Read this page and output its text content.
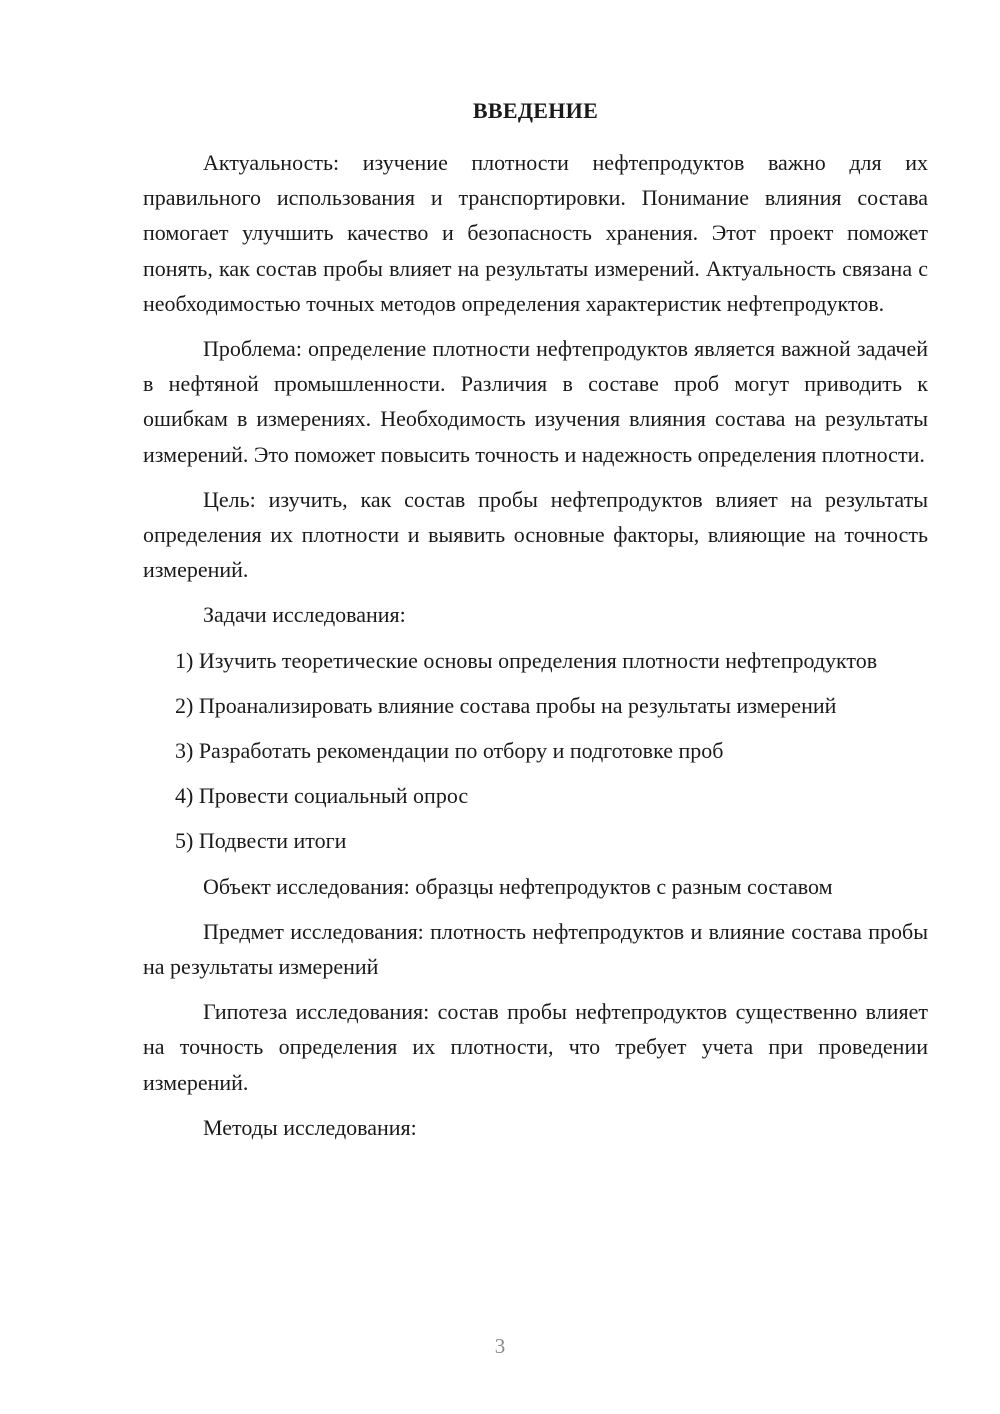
ВВЕДЕНИЕ

Актуальность: изучение плотности нефтепродуктов важно для их правильного использования и транспортировки. Понимание влияния состава помогает улучшить качество и безопасность хранения. Этот проект поможет понять, как состав пробы влияет на результаты измерений. Актуальность связана с необходимостью точных методов определения характеристик нефтепродуктов.

Проблема: определение плотности нефтепродуктов является важной задачей в нефтяной промышленности. Различия в составе проб могут приводить к ошибкам в измерениях. Необходимость изучения влияния состава на результаты измерений. Это поможет повысить точность и надежность определения плотности.

Цель: изучить, как состав пробы нефтепродуктов влияет на результаты определения их плотности и выявить основные факторы, влияющие на точность измерений.

Задачи исследования:

1) Изучить теоретические основы определения плотности нефтепродуктов

2) Проанализировать влияние состава пробы на результаты измерений

3) Разработать рекомендации по отбору и подготовке проб

4) Провести социальный опрос

5) Подвести итоги

Объект исследования: образцы нефтепродуктов с разным составом

Предмет исследования: плотность нефтепродуктов и влияние состава пробы на результаты измерений

Гипотеза исследования: состав пробы нефтепродуктов существенно влияет на точность определения их плотности, что требует учета при проведении измерений.

Методы исследования:

3
